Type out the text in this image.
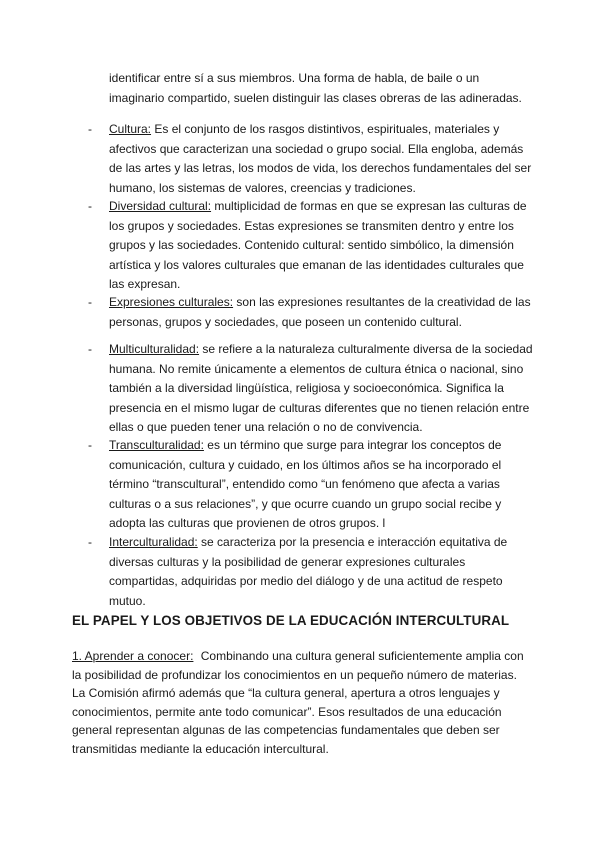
identificar entre sí a sus miembros. Una forma de habla, de baile o un imaginario compartido, suelen distinguir las clases obreras de las adineradas.

- Cultura: Es el conjunto de los rasgos distintivos, espirituales, materiales y afectivos que caracterizan una sociedad o grupo social. Ella engloba, además de las artes y las letras, los modos de vida, los derechos fundamentales del ser humano, los sistemas de valores, creencias y tradiciones.
- Diversidad cultural: multiplicidad de formas en que se expresan las culturas de los grupos y sociedades. Estas expresiones se transmiten dentro y entre los grupos y las sociedades. Contenido cultural: sentido simbólico, la dimensión artística y los valores culturales que emanan de las identidades culturales que las expresan.
- Expresiones culturales: son las expresiones resultantes de la creatividad de las personas, grupos y sociedades, que poseen un contenido cultural.
- Multiculturalidad: se refiere a la naturaleza culturalmente diversa de la sociedad humana. No remite únicamente a elementos de cultura étnica o nacional, sino también a la diversidad lingüística, religiosa y socioeconómica. Significa la presencia en el mismo lugar de culturas diferentes que no tienen relación entre ellas o que pueden tener una relación o no de convivencia.
- Transculturalidad: es un término que surge para integrar los conceptos de comunicación, cultura y cuidado, en los últimos años se ha incorporado el término “transcultural”, entendido como “un fenómeno que afecta a varias culturas o a sus relaciones”, y que ocurre cuando un grupo social recibe y adopta las culturas que provienen de otros grupos. l
- Interculturalidad: se caracteriza por la presencia e interacción equitativa de diversas culturas y la posibilidad de generar expresiones culturales compartidas, adquiridas por medio del diálogo y de una actitud de respeto mutuo.
EL PAPEL Y LOS OBJETIVOS DE LA EDUCACIÓN INTERCULTURAL

1. Aprender a conocer: Combinando una cultura general suficientemente amplia con la posibilidad de profundizar los conocimientos en un pequeño número de materias. La Comisión afirmó además que “la cultura general, apertura a otros lenguajes y conocimientos, permite ante todo comunicar”. Esos resultados de una educación general representan algunas de las competencias fundamentales que deben ser transmitidas mediante la educación intercultural.
